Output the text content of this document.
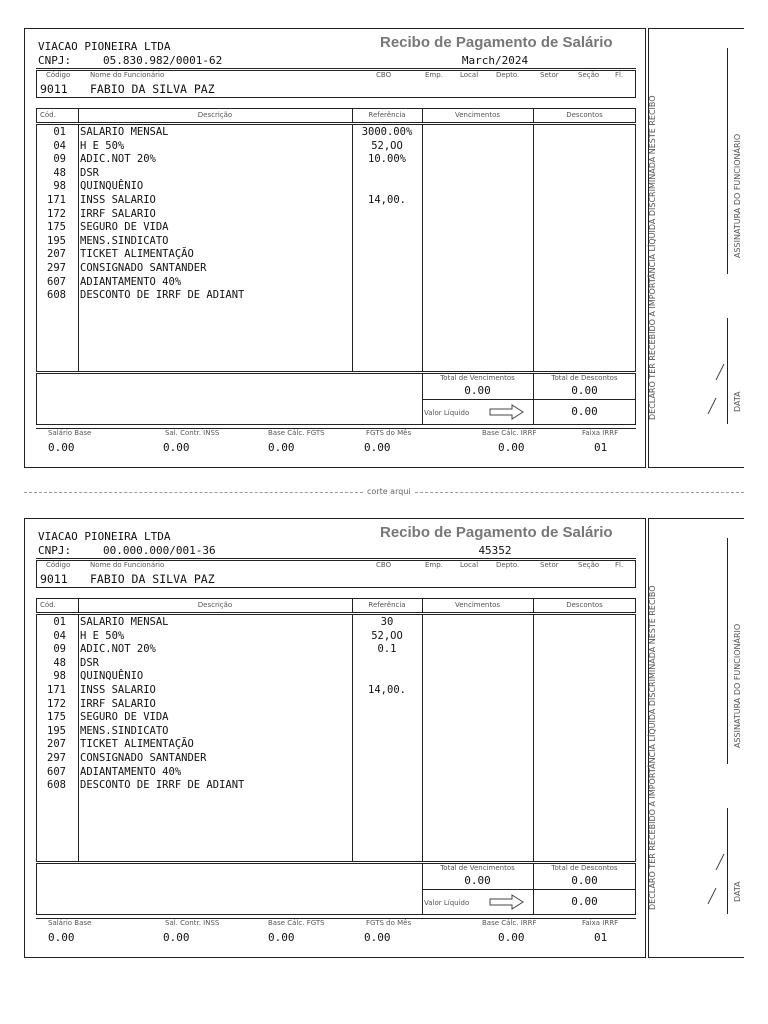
VIACAO PIONEIRA LTDA
CNPJ:	05.830.982/0001-62
Recibo de Pagamento de Salário
March/2024
Código	Nome do Funcionário	CBO	Emp. Local	Depto.	Setor	Seção Fl.
9011 FABIO DA SILVA PAZ
Cód.	Descrição	Referência	Vencimentos	Descontos
01 SALARIO MENSAL	3000.00%
04 H E 50%	52,OO
09 ADIC.NOT 20%	10.00%
48 DSR
98 QUINQUÊNIO
171 INSS SALARIO	14,00.
172 IRRF SALARIO
175 SEGURO DE VIDA
195 MENS.SINDICATO
207 TICKET ALIMENTAÇÃO
297 CONSIGNADO SANTANDER
607 ADIANTAMENTO 40%
608 DESCONTO DE IRRF DE ADIANT
Total de Vencimentos	Total de Descontos
0.00	0.00
Valor Líquido	0.00
Salário Base	Sal. Contr. INSS	Base Cálc. FGTS	FGTS do Mês	Base Cálc. IRRF	Faixa IRRF
0.00	0.00	0.00	0.00	0.00	01
DECLARO TER RECEBIDO A IMPORTÂNCIA LÍQUIDA DISCRIMINADA NESTE RECIBO	ASSINATURA DO FUNCIONÁRIO
DATA
VIACAO PIONEIRA LTDA
CNPJ:	00.000.000/001-36
Recibo de Pagamento de Salário
45352
Código	Nome do Funcionário	CBO	Emp. Local	Depto.	Setor	Seção Fl.
9011 FABIO DA SILVA PAZ
Cód.	Descrição	Referência	Vencimentos	Descontos
01 SALARIO MENSAL	30
04 H E 50%	52,OO
09 ADIC.NOT 20%	0.1
48 DSR
98 QUINQUÊNIO
171 INSS SALARIO	14,00.
172 IRRF SALARIO
175 SEGURO DE VIDA
195 MENS.SINDICATO
207 TICKET ALIMENTAÇÃO
297 CONSIGNADO SANTANDER
607 ADIANTAMENTO 40%
608 DESCONTO DE IRRF DE ADIANT
Total de Vencimentos	Total de Descontos
0.00	0.00
Valor Líquido	0.00
Salário Base	Sal. Contr. INSS	Base Cálc. FGTS	FGTS do Mês	Base Cálc. IRRF	Faixa IRRF
0.00	0.00	0.00	0.00	0.00	01
DECLARO TER RECEBIDO A IMPORTÂNCIA LÍQUIDA DISCRIMINADA NESTE RECIBO	ASSINATURA DO FUNCIONÁRIO
DATA
corte arqui
